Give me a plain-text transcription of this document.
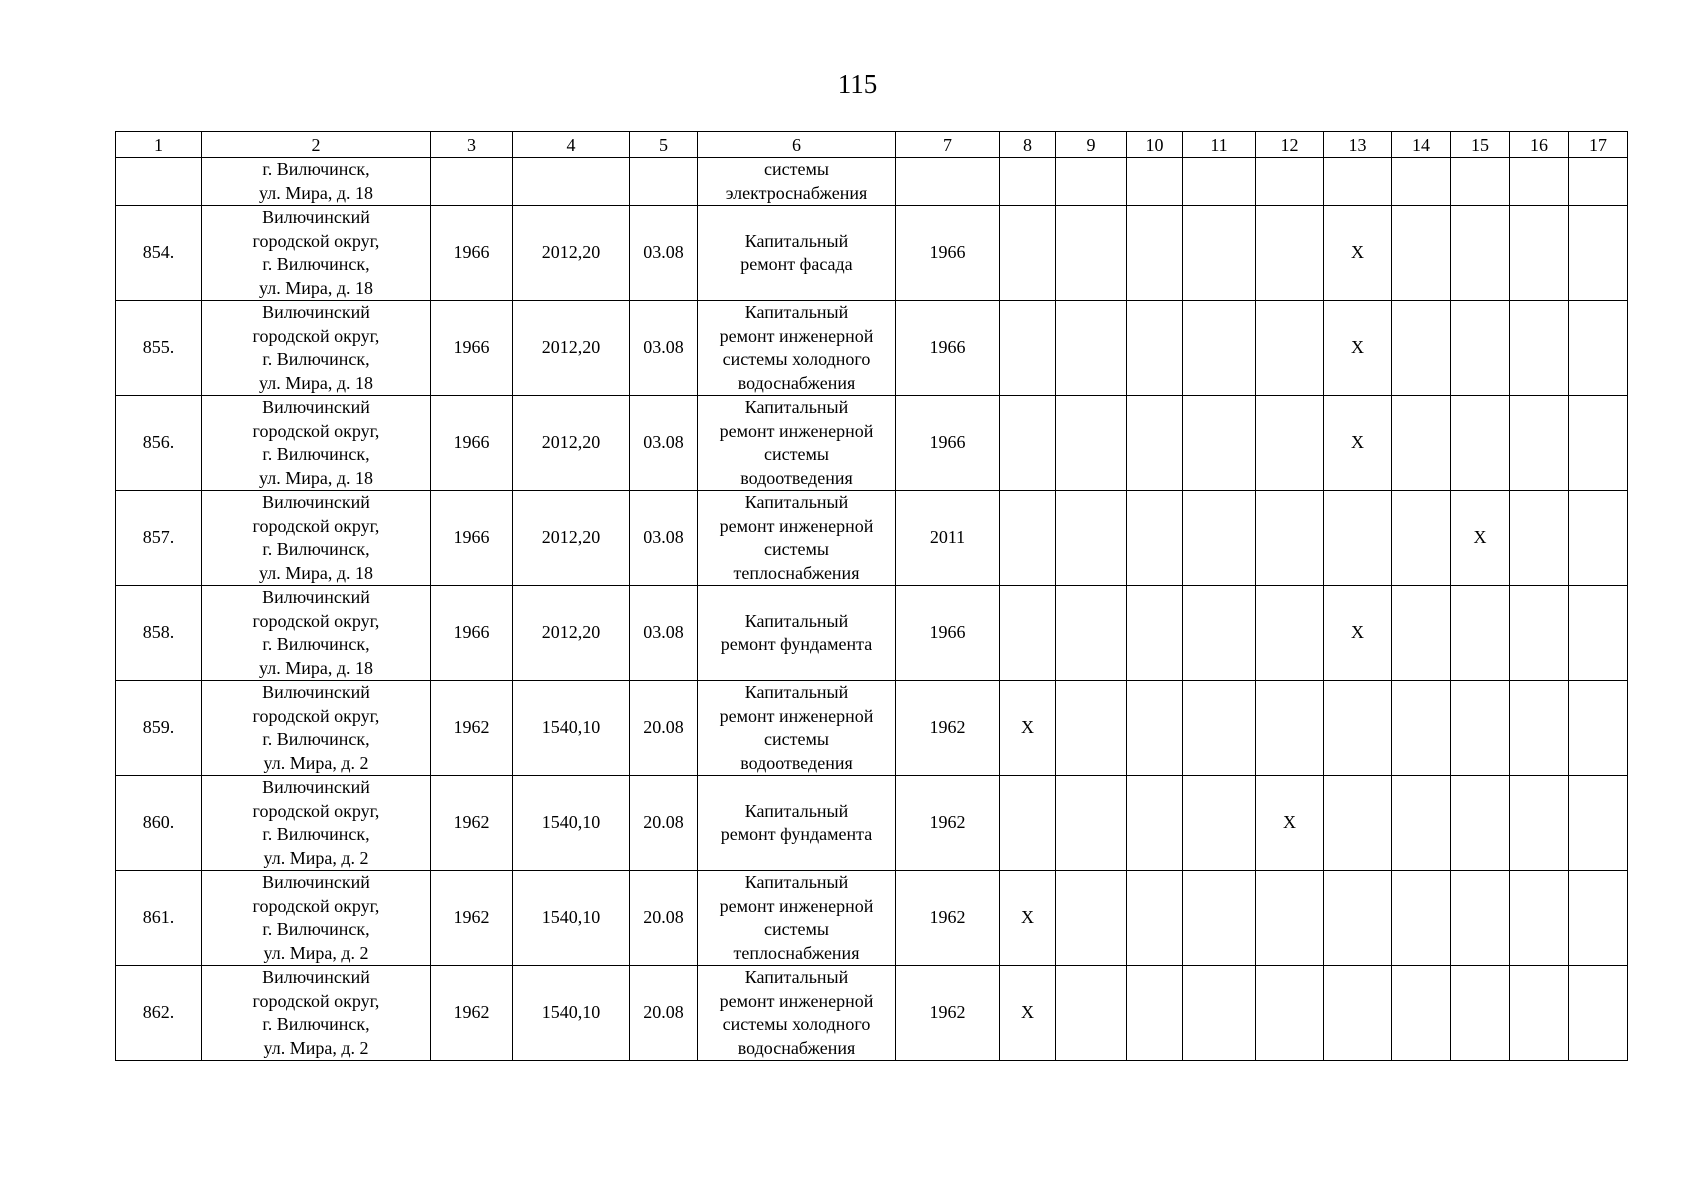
115
1	2	3	4	5	6	7	8	9	10	11	12	13	14	15	16	17
	г. Вилючинск,
ул. Мира, д. 18				системы
электроснабжения											
854.	Вилючинский
городской округ,
г. Вилючинск,
ул. Мира, д. 18	1966	2012,20	03.08	Капитальный
ремонт фасада	1966						X				
855.	Вилючинский
городской округ,
г. Вилючинск,
ул. Мира, д. 18	1966	2012,20	03.08	Капитальный
ремонт инженерной
системы холодного
водоснабжения	1966						X				
856.	Вилючинский
городской округ,
г. Вилючинск,
ул. Мира, д. 18	1966	2012,20	03.08	Капитальный
ремонт инженерной
системы
водоотведения	1966						X				
857.	Вилючинский
городской округ,
г. Вилючинск,
ул. Мира, д. 18	1966	2012,20	03.08	Капитальный
ремонт инженерной
системы
теплоснабжения	2011								X		
858.	Вилючинский
городской округ,
г. Вилючинск,
ул. Мира, д. 18	1966	2012,20	03.08	Капитальный
ремонт фундамента	1966						X				
859.	Вилючинский
городской округ,
г. Вилючинск,
ул. Мира, д. 2	1962	1540,10	20.08	Капитальный
ремонт инженерной
системы
водоотведения	1962	X									
860.	Вилючинский
городской округ,
г. Вилючинск,
ул. Мира, д. 2	1962	1540,10	20.08	Капитальный
ремонт фундамента	1962					X					
861.	Вилючинский
городской округ,
г. Вилючинск,
ул. Мира, д. 2	1962	1540,10	20.08	Капитальный
ремонт инженерной
системы
теплоснабжения	1962	X									
862.	Вилючинский
городской округ,
г. Вилючинск,
ул. Мира, д. 2	1962	1540,10	20.08	Капитальный
ремонт инженерной
системы холодного
водоснабжения	1962	X									
